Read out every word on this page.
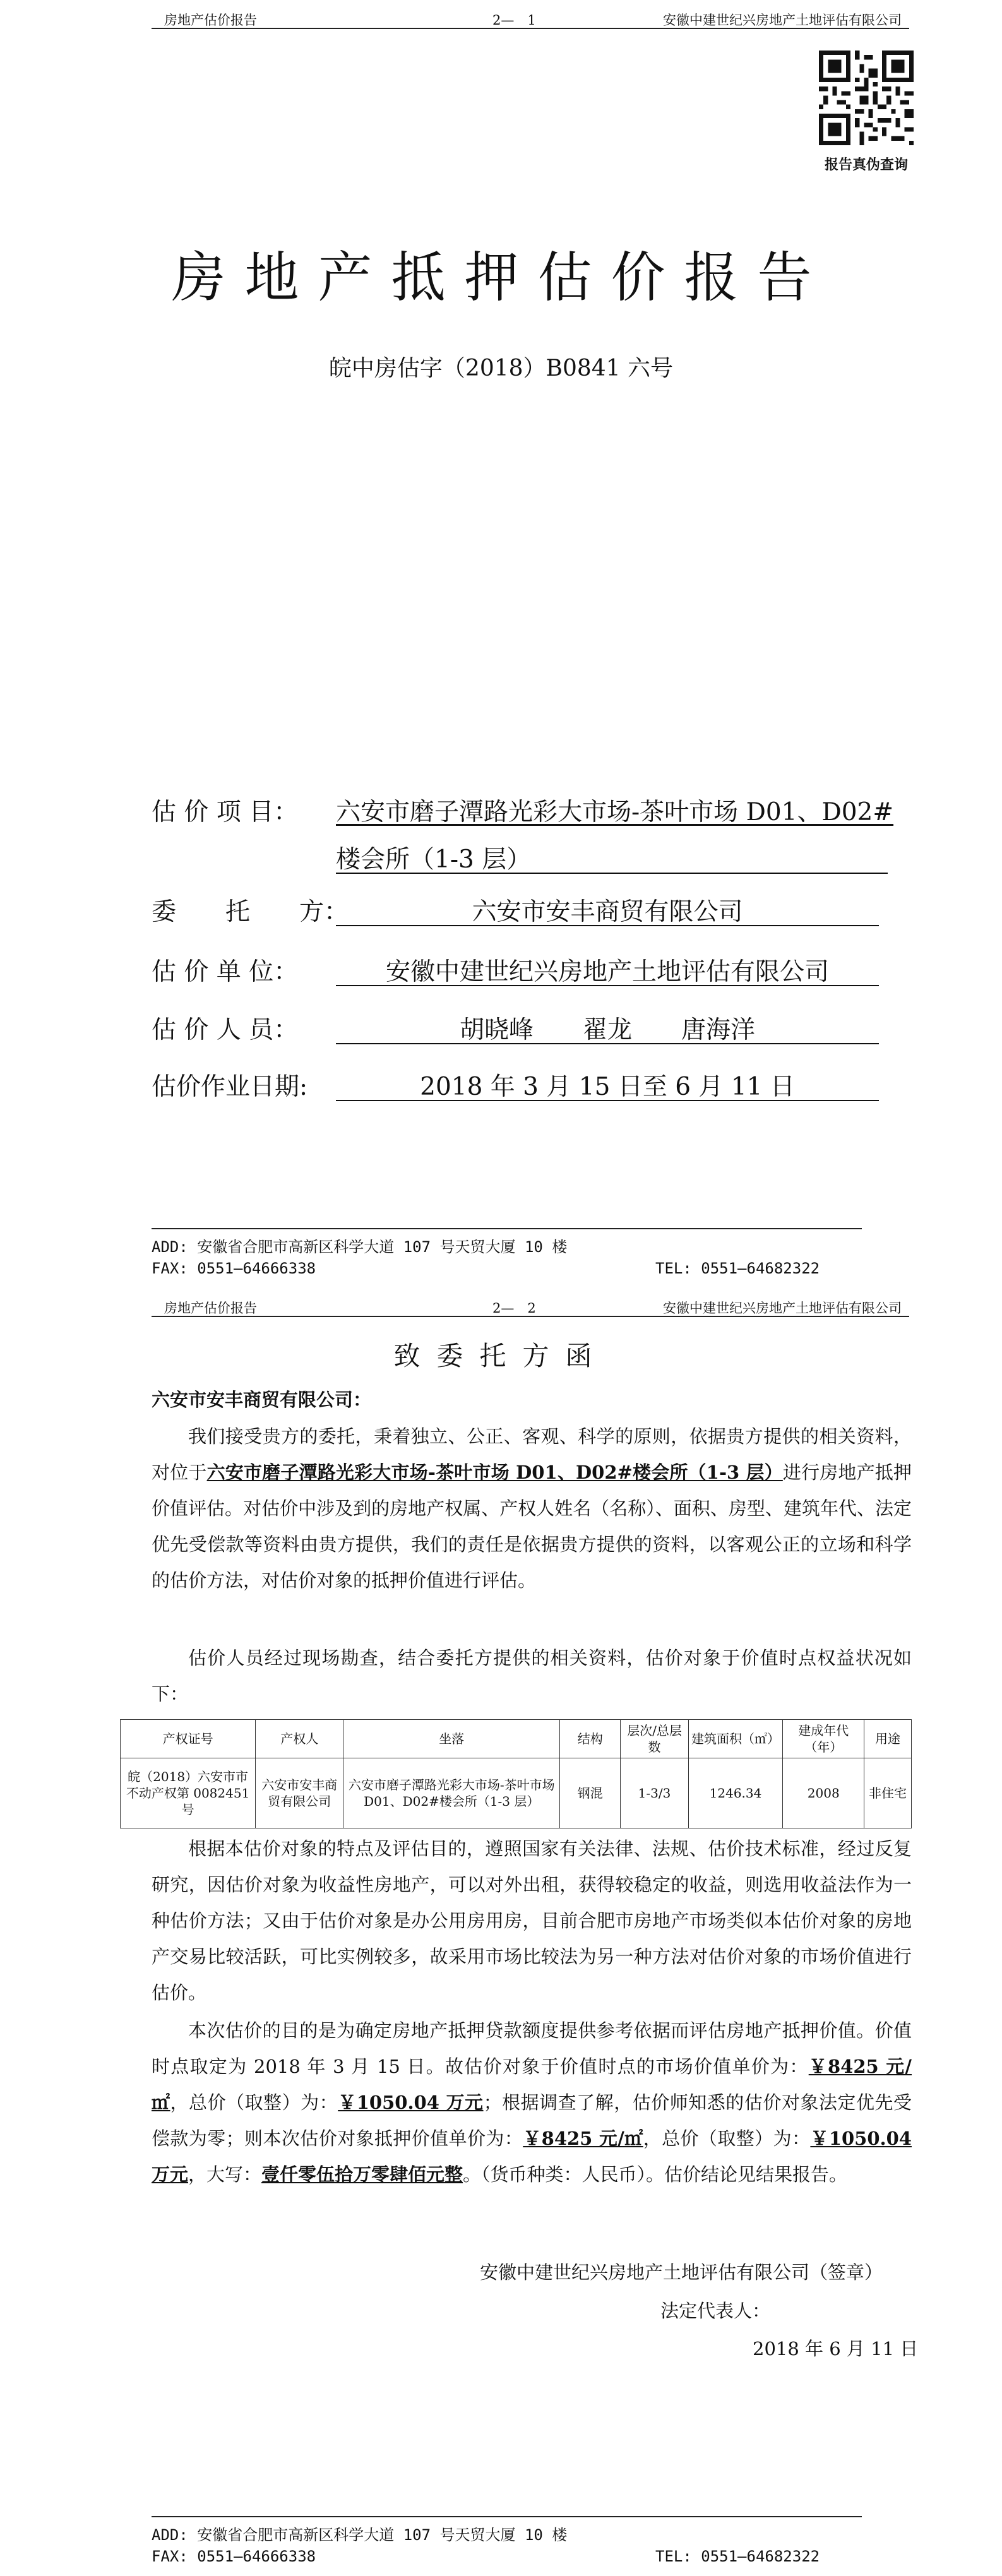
房地产估价报告	2—　1	安徽中建世纪兴房地产土地评估有限公司
报告真伪查询
房地产抵押估价报告
皖中房估字（2018）B0841 六号
估 价 项 目： 六安市磨子潭路光彩大市场-茶叶市场 D01、D02#
楼会所（1-3 层）
委　　托　　方：	六安市安丰商贸有限公司
估 价 单 位：	安徽中建世纪兴房地产土地评估有限公司
估 价 人 员：	胡晓峰　　翟龙　　唐海洋
估价作业日期:	2018 年 3 月 15 日至 6 月 11 日
ADD: 安徽省合肥市高新区科学大道 107 号天贸大厦 10 楼
FAX: 0551—64666338	TEL: 0551—64682322
房地产估价报告	2—　2	安徽中建世纪兴房地产土地评估有限公司
致委托方函
六安市安丰商贸有限公司：
我们接受贵方的委托，秉着独立、公正、客观、科学的原则，依据贵方提供的相关资料，对位于六安市磨子潭路光彩大市场-茶叶市场 D01、D02#楼会所（1-3 层）进行房地产抵押价值评估。对估价中涉及到的房地产权属、产权人姓名（名称）、面积、房型、建筑年代、法定优先受偿款等资料由贵方提供，我们的责任是依据贵方提供的资料，以客观公正的立场和科学的估价方法，对估价对象的抵押价值进行评估。
估价人员经过现场勘查，结合委托方提供的相关资料，估价对象于价值时点权益状况如下：
产权证号	产权人	坐落	结构	层次/总层数	建筑面积（㎡）	建成年代（年）	用途
皖（2018）六安市市不动产权第 0082451 号	六安市安丰商贸有限公司	六安市磨子潭路光彩大市场-茶叶市场 D01、D02#楼会所（1-3 层）	钢混	1-3/3	1246.34	2008	非住宅
根据本估价对象的特点及评估目的，遵照国家有关法律、法规、估价技术标准，经过反复研究，因估价对象为收益性房地产，可以对外出租，获得较稳定的收益，则选用收益法作为一种估价方法；又由于估价对象是办公用房用房，目前合肥市房地产市场类似本估价对象的房地产交易比较活跃，可比实例较多，故采用市场比较法为另一种方法对估价对象的市场价值进行估价。
本次估价的目的是为确定房地产抵押贷款额度提供参考依据而评估房地产抵押价值。价值时点取定为 2018 年 3 月 15 日。故估价对象于价值时点的市场价值单价为：￥8425 元/㎡，总价（取整）为：￥1050.04 万元；根据调查了解，估价师知悉的估价对象法定优先受偿款为零；则本次估价对象抵押价值单价为：￥8425 元/㎡，总价（取整）为：￥1050.04 万元，大写：壹仟零伍拾万零肆佰元整。（货币种类：人民币）。估价结论见结果报告。
安徽中建世纪兴房地产土地评估有限公司（签章）
法定代表人：
2018 年 6 月 11 日
ADD: 安徽省合肥市高新区科学大道 107 号天贸大厦 10 楼
FAX: 0551—64666338	TEL: 0551—64682322
